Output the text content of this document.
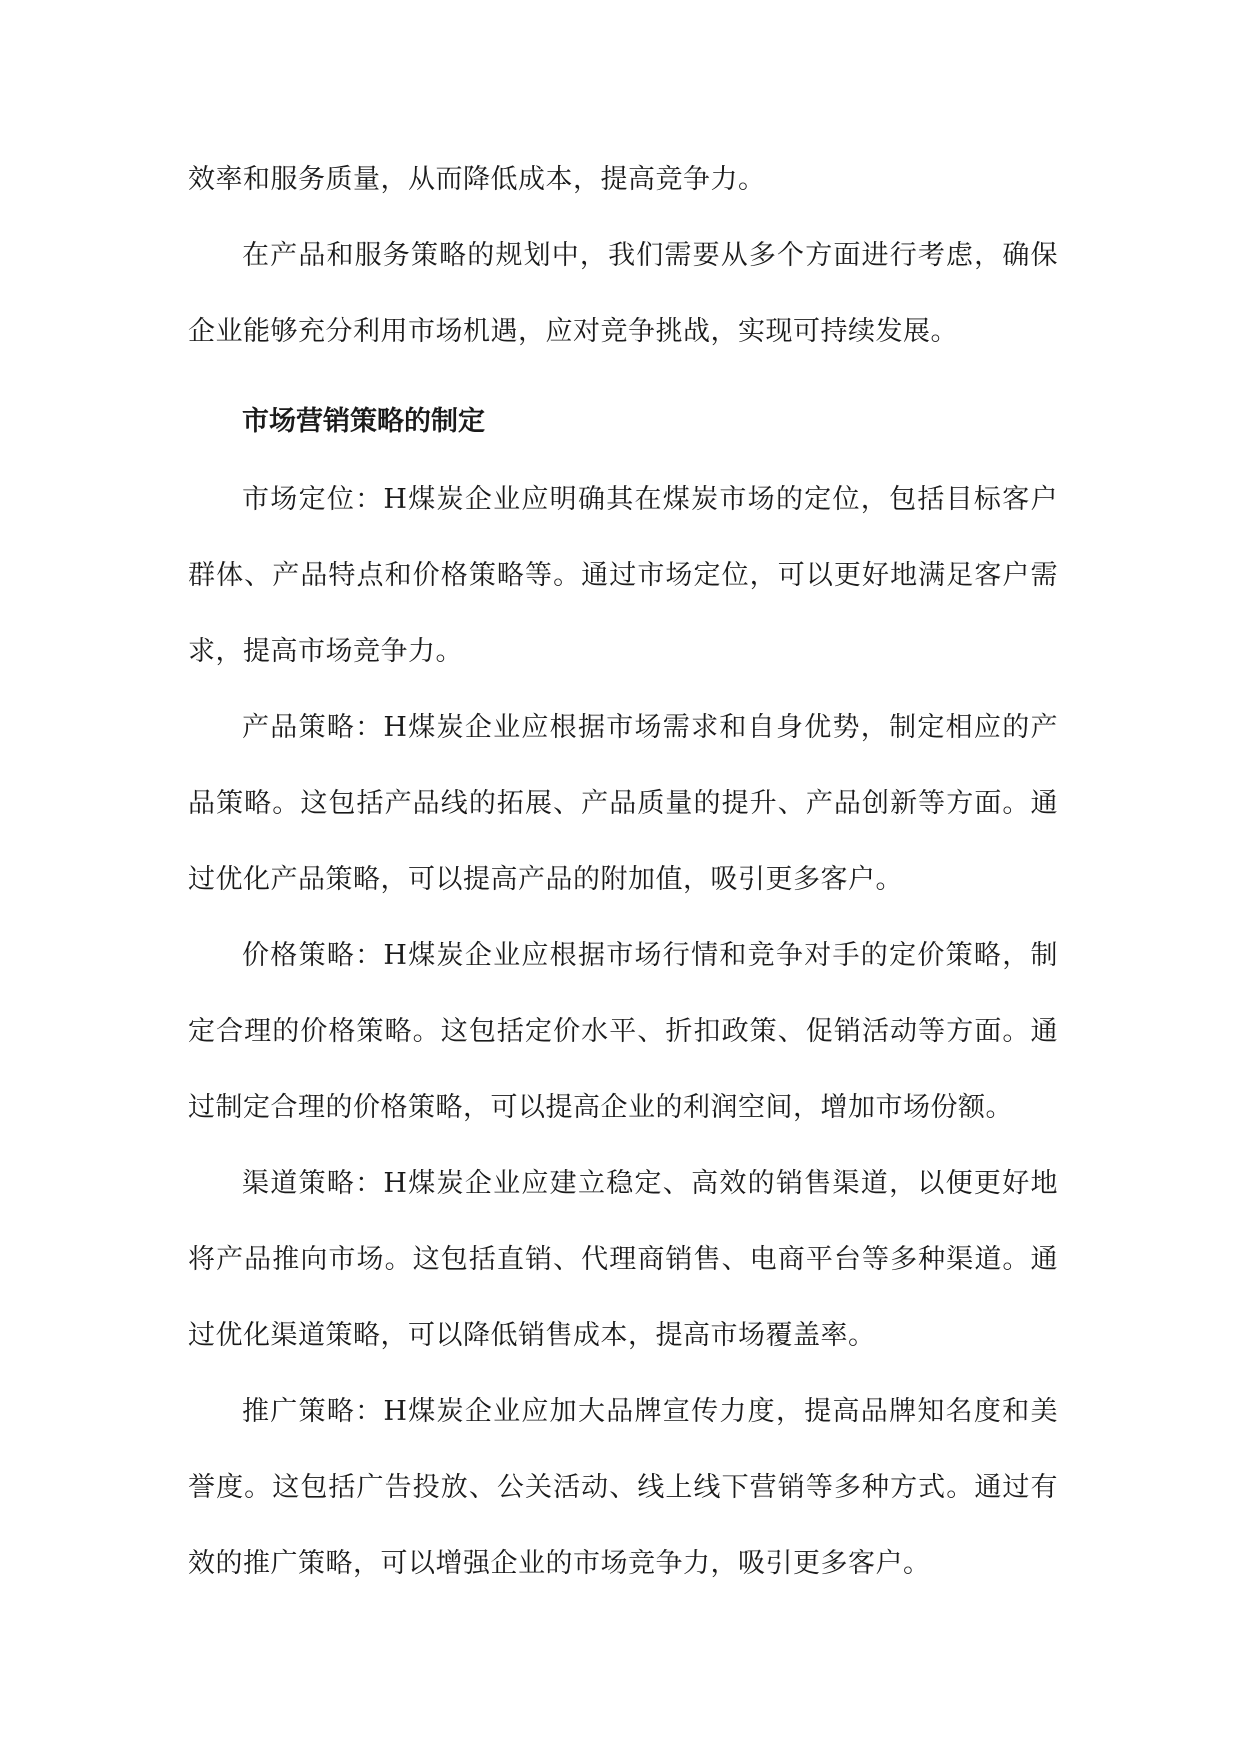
效率和服务质量，从而降低成本，提高竞争力。

在产品和服务策略的规划中，我们需要从多个方面进行考虑，确保企业能够充分利用市场机遇，应对竞争挑战，实现可持续发展。

市场营销策略的制定

市场定位：H煤炭企业应明确其在煤炭市场的定位，包括目标客户群体、产品特点和价格策略等。通过市场定位，可以更好地满足客户需求，提高市场竞争力。

产品策略：H煤炭企业应根据市场需求和自身优势，制定相应的产品策略。这包括产品线的拓展、产品质量的提升、产品创新等方面。通过优化产品策略，可以提高产品的附加值，吸引更多客户。

价格策略：H煤炭企业应根据市场行情和竞争对手的定价策略，制定合理的价格策略。这包括定价水平、折扣政策、促销活动等方面。通过制定合理的价格策略，可以提高企业的利润空间，增加市场份额。

渠道策略：H煤炭企业应建立稳定、高效的销售渠道，以便更好地将产品推向市场。这包括直销、代理商销售、电商平台等多种渠道。通过优化渠道策略，可以降低销售成本，提高市场覆盖率。

推广策略：H煤炭企业应加大品牌宣传力度，提高品牌知名度和美誉度。这包括广告投放、公关活动、线上线下营销等多种方式。通过有效的推广策略，可以增强企业的市场竞争力，吸引更多客户。
